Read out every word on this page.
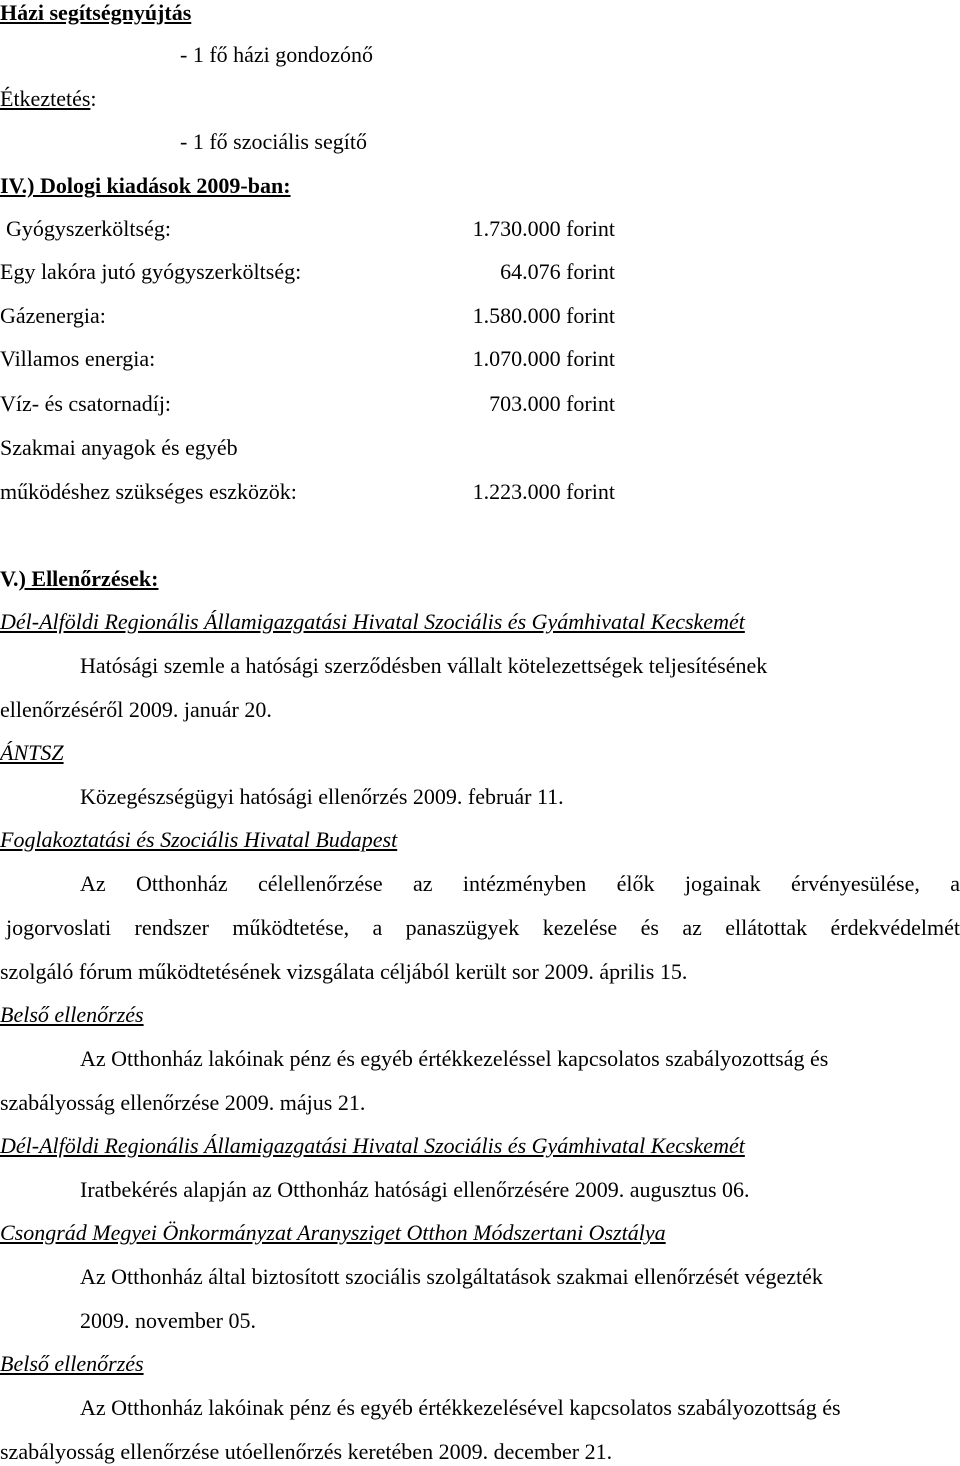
Házi segítségnyújtás
- 1 fő házi gondozónő
Étkeztetés:
- 1 fő szociális segítő
IV.) Dologi kiadások 2009-ban:
Gyógyszerköltség:	1.730.000 forint
Egy lakóra jutó gyógyszerköltség:	64.076 forint
Gázenergia:	1.580.000 forint
Villamos energia:	1.070.000 forint
Víz- és csatornadíj:	703.000 forint
Szakmai anyagok és egyéb
működéshez szükséges eszközök:	1.223.000 forint
V.) Ellenőrzések:
Dél-Alföldi Regionális Államigazgatási Hivatal Szociális és Gyámhivatal Kecskemét
Hatósági szemle a hatósági szerződésben vállalt kötelezettségek teljesítésének
ellenőrzéséről 2009. január 20.
ÁNTSZ
Közegészségügyi hatósági ellenőrzés 2009. február 11.
Foglakoztatási és Szociális Hivatal Budapest
Az Otthonház célellenőrzése az intézményben élők jogainak érvényesülése, a
jogorvoslati rendszer működtetése, a panaszügyek kezelése és az ellátottak érdekvédelmét
szolgáló fórum működtetésének vizsgálata céljából került sor 2009. április 15.
Belső ellenőrzés
Az Otthonház lakóinak pénz és egyéb értékkezeléssel kapcsolatos szabályozottság és
szabályosság ellenőrzése 2009. május 21.
Dél-Alföldi Regionális Államigazgatási Hivatal Szociális és Gyámhivatal Kecskemét
Iratbekérés alapján az Otthonház hatósági ellenőrzésére 2009. augusztus 06.
Csongrád Megyei Önkormányzat Aranysziget Otthon Módszertani Osztálya
Az Otthonház által biztosított szociális szolgáltatások szakmai ellenőrzését végezték
2009. november 05.
Belső ellenőrzés
Az Otthonház lakóinak pénz és egyéb értékkezelésével kapcsolatos szabályozottság és
szabályosság ellenőrzése utóellenőrzés keretében 2009. december 21.
